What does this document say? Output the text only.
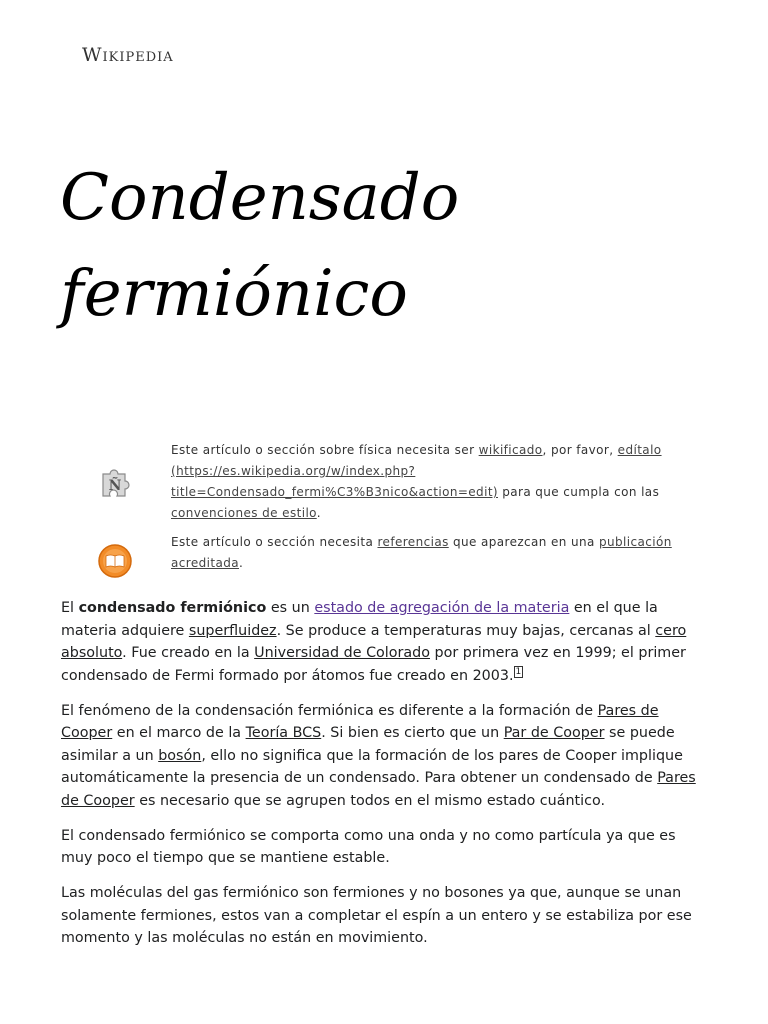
Wikipedia
Condensado
fermiónico
Ñ
Este artículo o sección sobre física necesita ser wikificado, por favor, edítalo (https://es.wikipedia.org/w/index.php?title=Condensado_fermi%C3%B3nico&action=edit) para que cumpla con las convenciones de estilo.
Este artículo o sección necesita referencias que aparezcan en una publicación acreditada.

El condensado fermiónico es un estado de agregación de la materia en el que la materia adquiere superfluidez. Se produce a temperaturas muy bajas, cercanas al cero absoluto. Fue creado en la Universidad de Colorado por primera vez en 1999; el primer condensado de Fermi formado por átomos fue creado en 2003. $^1$

El fenómeno de la condensación fermiónica es diferente a la formación de Pares de Cooper en el marco de la Teoría BCS. Si bien es cierto que un Par de Cooper se puede asimilar a un bosón, ello no significa que la formación de los pares de Cooper implique automáticamente la presencia de un condensado. Para obtener un condensado de Pares de Cooper es necesario que se agrupen todos en el mismo estado cuántico.

El condensado fermiónico se comporta como una onda y no como partícula ya que es muy poco el tiempo que se mantiene estable.

Las moléculas del gas fermiónico son fermiones y no bosones ya que, aunque se unan solamente fermiones, estos van a completar el espín a un entero y se estabiliza por ese momento y las moléculas no están en movimiento.
